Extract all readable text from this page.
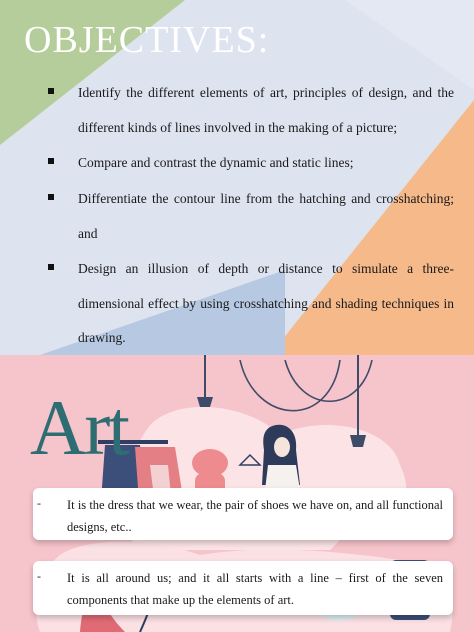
OBJECTIVES:
Identify the different elements of art, principles of design, and the different kinds of lines involved in the making of a picture;
Compare and contrast the dynamic and static lines;
Differentiate the contour line from the hatching and crosshatching; and
Design an illusion of depth or distance to simulate a three-dimensional effect by using crosshatching and shading techniques in drawing.
Art
- It is the dress that we wear, the pair of shoes we have on, and all functional designs, etc..
- It is all around us; and it all starts with a line – first of the seven components that make up the elements of art.
